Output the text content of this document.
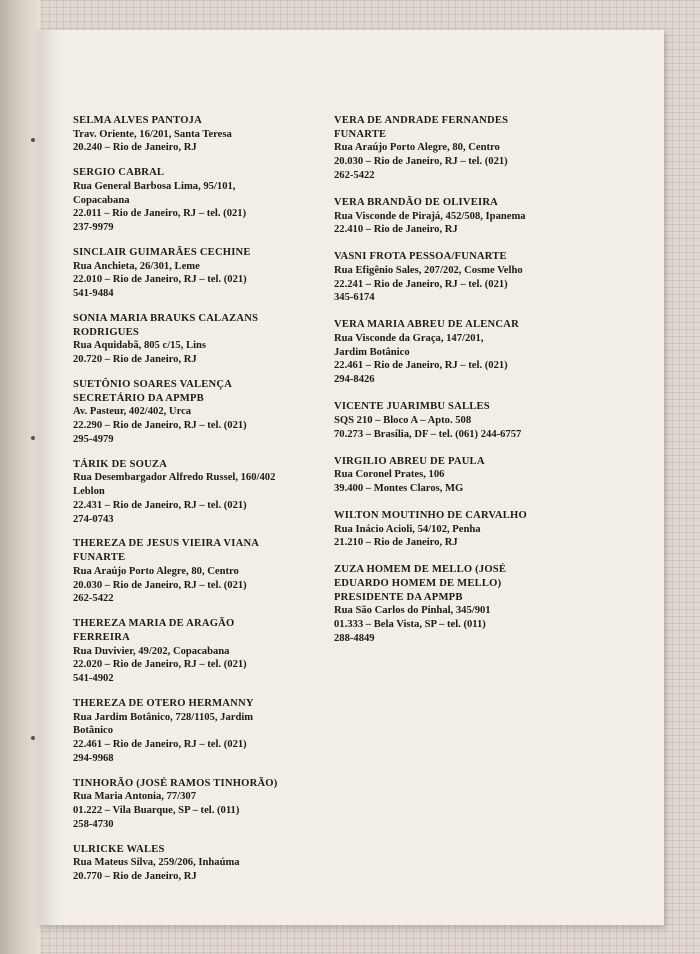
SELMA ALVES PANTOJA
Trav. Oriente, 16/201, Santa Teresa
20.240 – Rio de Janeiro, RJ
SERGIO CABRAL
Rua General Barbosa Lima, 95/101,
Copacabana
22.011 – Rio de Janeiro, RJ – tel. (021)
237-9979
SINCLAIR GUIMARÃES CECHINE
Rua Anchieta, 26/301, Leme
22.010 – Rio de Janeiro, RJ – tel. (021)
541-9484
SONIA MARIA BRAUKS CALAZANS
RODRIGUES
Rua Aquidabã, 805 c/15, Lins
20.720 – Rio de Janeiro, RJ
SUETÔNIO SOARES VALENÇA
SECRETÁRIO DA APMPB
Av. Pasteur, 402/402, Urca
22.290 – Rio de Janeiro, RJ – tel. (021)
295-4979
TÁRIK DE SOUZA
Rua Desembargador Alfredo Russel, 160/402
Leblon
22.431 – Rio de Janeiro, RJ – tel. (021)
274-0743
THEREZA DE JESUS VIEIRA VIANA
FUNARTE
Rua Araújo Porto Alegre, 80, Centro
20.030 – Rio de Janeiro, RJ – tel. (021)
262-5422
THEREZA MARIA DE ARAGÃO
FERREIRA
Rua Duvivier, 49/202, Copacabana
22.020 – Rio de Janeiro, RJ – tel. (021)
541-4902
THEREZA DE OTERO HERMANNY
Rua Jardim Botânico, 728/1105, Jardim
Botânico
22.461 – Rio de Janeiro, RJ – tel. (021)
294-9968
TINHORÃO (JOSÉ RAMOS TINHORÃO)
Rua Maria Antonia, 77/307
01.222 – Vila Buarque, SP – tel. (011)
258-4730
ULRICKE WALES
Rua Mateus Silva, 259/206, Inhaúma
20.770 – Rio de Janeiro, RJ
VERA DE ANDRADE FERNANDES
FUNARTE
Rua Araújo Porto Alegre, 80, Centro
20.030 – Rio de Janeiro, RJ – tel. (021)
262-5422
VERA BRANDÃO DE OLIVEIRA
Rua Visconde de Pirajá, 452/508, Ipanema
22.410 – Rio de Janeiro, RJ
VASNI FROTA PESSOA/FUNARTE
Rua Efigênio Sales, 207/202, Cosme Velho
22.241 – Rio de Janeiro, RJ – tel. (021)
345-6174
VERA MARIA ABREU DE ALENCAR
Rua Visconde da Graça, 147/201,
Jardim Botânico
22.461 – Rio de Janeiro, RJ – tel. (021)
294-8426
VICENTE JUARIMBU SALLES
SQS 210 – Bloco A – Apto. 508
70.273 – Brasília, DF – tel. (061) 244-6757
VIRGILIO ABREU DE PAULA
Rua Coronel Prates, 106
39.400 – Montes Claros, MG
WILTON MOUTINHO DE CARVALHO
Rua Inácio Acioli, 54/102, Penha
21.210 – Rio de Janeiro, RJ
ZUZA HOMEM DE MELLO (JOSÉ
EDUARDO HOMEM DE MELLO)
PRESIDENTE DA APMPB
Rua São Carlos do Pinhal, 345/901
01.333 – Bela Vista, SP – tel. (011)
288-4849
